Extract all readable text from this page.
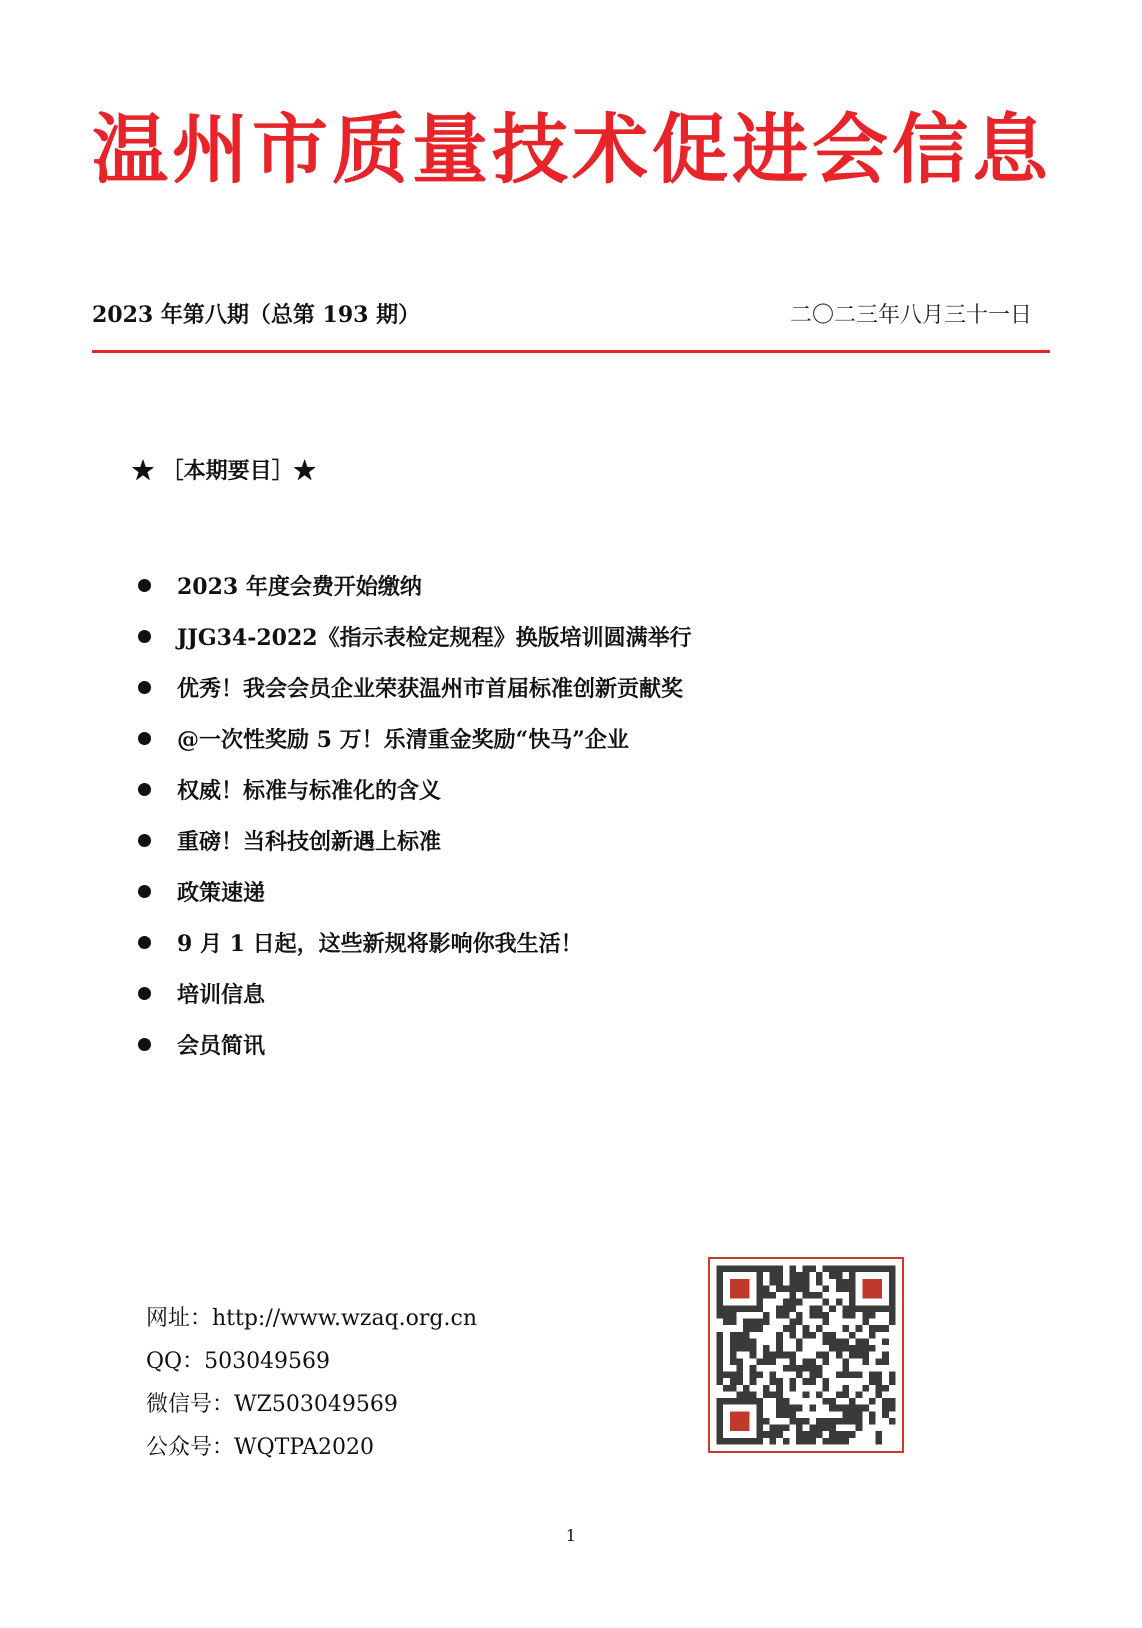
温州市质量技术促进会信息
2023 年第八期（总第 193 期）	二〇二三年八月三十一日
★ ［本期要目］★
2023 年度会费开始缴纳
JJG34-2022《指示表检定规程》换版培训圆满举行
优秀！我会会员企业荣获温州市首届标准创新贡献奖
@一次性奖励 5 万！乐清重金奖励“快马”企业
权威！标准与标准化的含义
重磅！当科技创新遇上标准
政策速递
9 月 1 日起，这些新规将影响你我生活！
培训信息
会员简讯
网址：http://www.wzaq.org.cn
QQ：503049569
微信号：WZ503049569
公众号：WQTPA2020
1
